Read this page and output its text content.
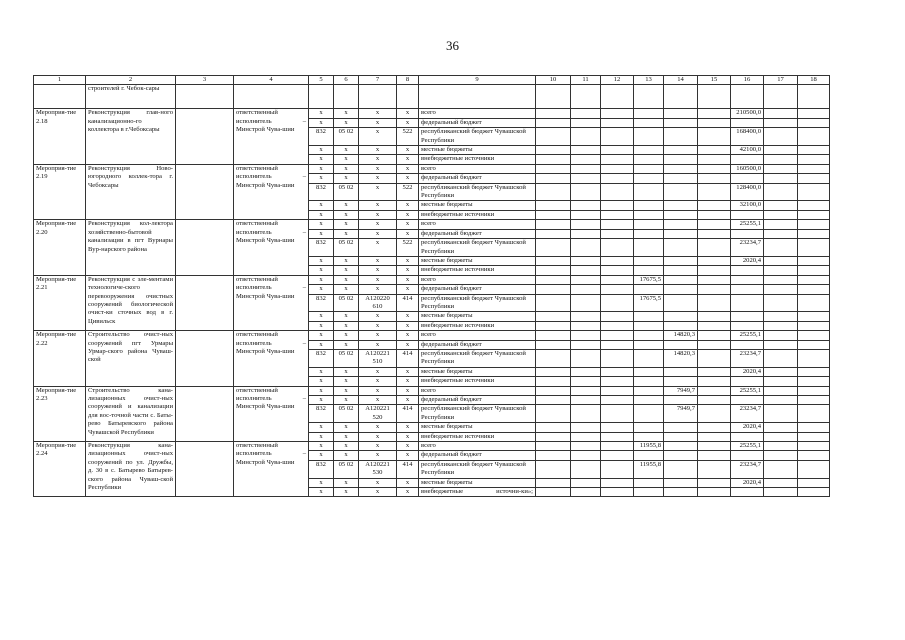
36
1	2	3	4	5	6	7	8	9	10	11	12	13	14	15	16	17	18
	строителей г. Чебок-сары																
Мероприя-тие 2.18	Реконструкция глав-ного канализационно-го коллектора в г.Чебоксары		ответственный исполнитель – Минстрой Чува-шии	x	x	x	x	всего							210500,0		
				x	x	x	x	федеральный бюджет									
				832	05 02	x	522	республиканский бюджет Чувашской Республики							168400,0		
				x	x	x	x	местные бюджеты							42100,0		
				x	x	x	x	внебюджетные источники									
Мероприя-тие 2.19	Реконструкция Ново-югородного коллек-тора г. Чебоксары		ответственный исполнитель – Минстрой Чува-шии	x	x	x	x	всего							160500,0		
				x	x	x	x	федеральный бюджет									
				832	05 02	x	522	республиканский бюджет Чувашской Республики							128400,0		
				x	x	x	x	местные бюджеты							32100,0		
				x	x	x	x	внебюджетные источники									
Мероприя-тие 2.20	Реконструкция кол-лектора хозяйственно-бытовой канализации в пгт Вурнары Вур-нарского района		ответственный исполнитель – Минстрой Чува-шии	x	x	x	x	всего							25255,1		
				x	x	x	x	федеральный бюджет									
				832	05 02	x	522	республиканский бюджет Чувашской Республики							23234,7		
				x	x	x	x	местные бюджеты							2020,4		
				x	x	x	x	внебюджетные источники									
Мероприя-тие 2.21	Реконструкция с эле-ментами технологиче-ского перевооружения очистных сооружений биологической очист-ки сточных вод в г. Цивильск		ответственный исполнитель – Минстрой Чува-шии	x	x	x	x	всего				17675,5					
				x	x	x	x	федеральный бюджет									
				832	05 02	А120220 610	414	республиканский бюджет Чувашской Республики				17675,5					
				x	x	x	x	местные бюджеты									
				x	x	x	x	внебюджетные источники									
Мероприя-тие 2.22	Строительство очист-ных сооружений пгт Урмары Урмар-ского района Чуваш-ской		ответственный исполнитель – Минстрой Чува-шии	x	x	x	x	всего					14820,3		25255,1		
				x	x	x	x	федеральный бюджет									
				832	05 02	А120221 510	414	республиканский бюджет Чувашской Республики					14820,3		23234,7		
				x	x	x	x	местные бюджеты							2020,4		
				x	x	x	x	внебюджетные источники									
Мероприя-тие 2.23	Строительство кана-лизационных очист-ных сооружений и канализации для вос-точной части с. Баты-рево Батыревского района Чувашской Республики		ответственный исполнитель – Минстрой Чува-шии	x	x	x	x	всего					7949,7		25255,1		
				x	x	x	x	федеральный бюджет									
				832	05 02	А120221 520	414	республиканский бюджет Чувашской Республики					7949,7		23234,7		
				x	x	x	x	местные бюджеты							2020,4		
				x	x	x	x	внебюджетные источники									
Мероприя-тие 2.24	Реконструкция кана-лизационных очист-ных сооружений по ул. Дружбы, д. 30 в с. Батырево Батырев-ского района Чуваш-ской Республики		ответственный исполнитель – Минстрой Чува-шии	x	x	x	x	всего				11955,8			25255,1		
				x	x	x	x	федеральный бюджет									
				832	05 02	А120221 530	414	республиканский бюджет Чувашской Республики				11955,8			23234,7		
				x	x	x	x	местные бюджеты							2020,4		
				x	x	x	x	внебюджетные источни-ки»;									
